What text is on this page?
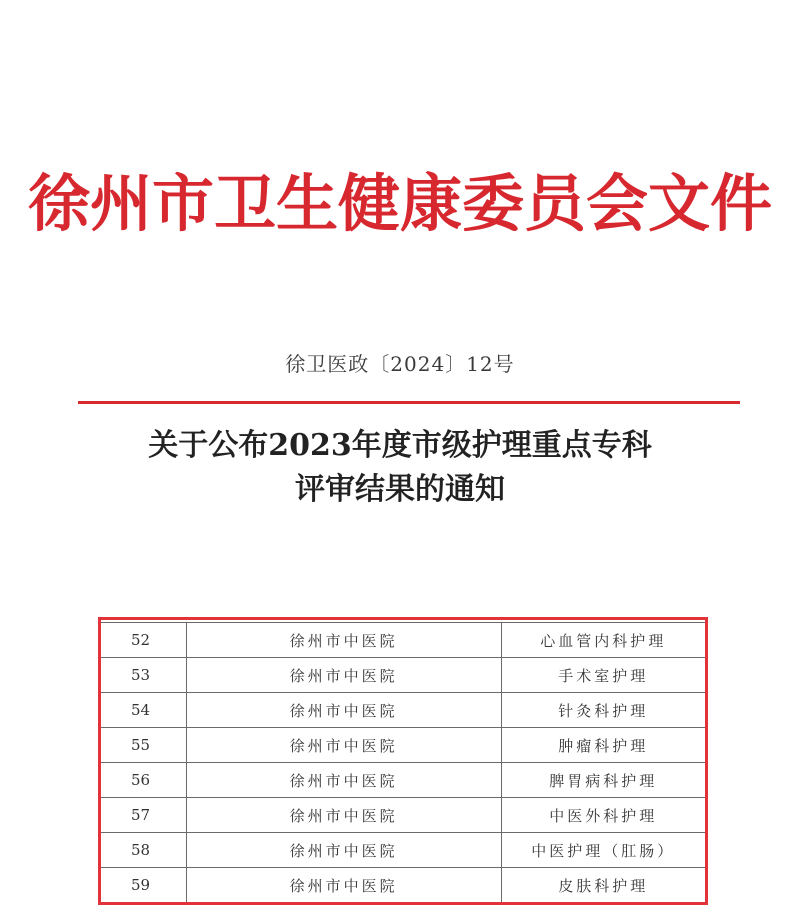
徐州市卫生健康委员会文件
徐卫医政〔2024〕12号
关于公布2023年度市级护理重点专科
评审结果的通知
52	徐州市中医院	心血管内科护理
53	徐州市中医院	手术室护理
54	徐州市中医院	针灸科护理
55	徐州市中医院	肿瘤科护理
56	徐州市中医院	脾胃病科护理
57	徐州市中医院	中医外科护理
58	徐州市中医院	中医护理（肛肠）
59	徐州市中医院	皮肤科护理
